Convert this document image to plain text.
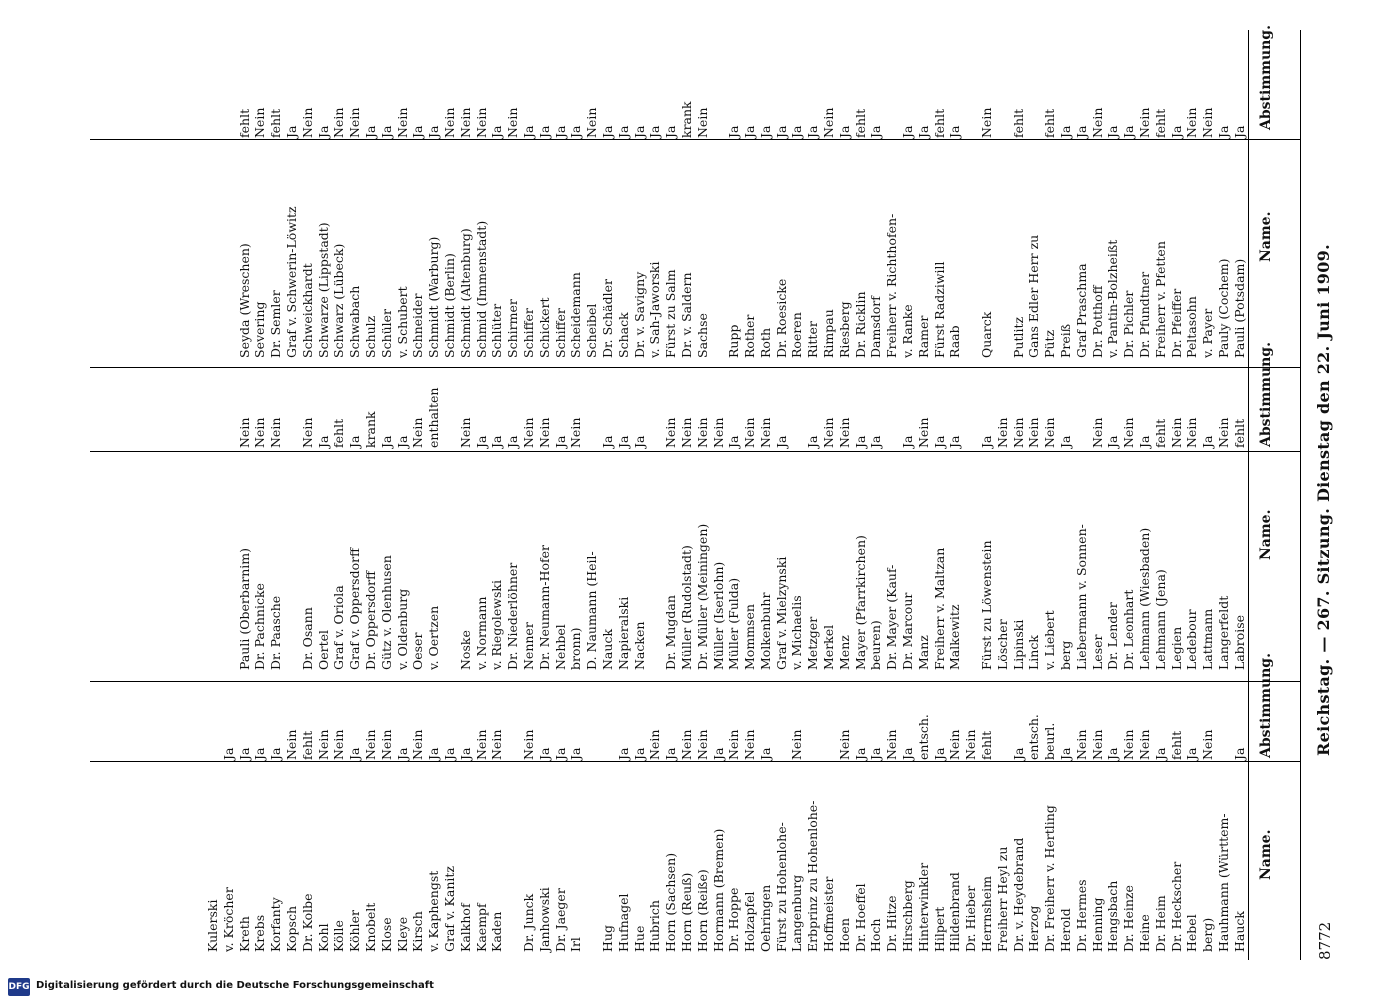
8772
Reichstag. — 267. Sitzung. Dienstag den 22. Juni 1909.
Name.
Abstimmung.
Name.
Abstimmung.
Name.
Abstimmung.
Hauck
Ja
Hauhmann (Württem-
berg)
Nein
Hebel
Ja
Dr. Heckscher
fehlt
Dr. Heim
Ja
Heine
Nein
Dr. Heinze
Nein
Hengsbach
Ja
Henning
Nein
Dr. Hermes
Nein
Herold
Ja
Dr. Freiherr v. Hertling
beurl.
Herzog
entsch.
Dr. v. Heydebrand
Ja
Freiherr Heyl zu
Herrnsheim
fehlt
Dr. Hieber
Nein
Hildenbrand
Nein
Hilpert
Ja
Hinterwinkler
entsch.
Hirschberg
Ja
Dr. Hitze
Nein
Hoch
Ja
Dr. Hoeffel
Ja
Hoen
Nein
Hoffmeister
Erbprinz zu Hohenlohe-
Langenburg
Nein
Fürst zu Hohenlohe-
Oehringen
Ja
Holzapfel
Nein
Dr. Hoppe
Nein
Hormann (Bremen)
Ja
Horn (Reiße)
Nein
Horn (Reuß)
Nein
Horn (Sachsen)
Ja
Hubrich
Nein
Hue
Ja
Hufnagel
Ja
Hug
Irl
Ja
Dr. Jaeger
Ja
Janhowski
Ja
Dr. Junck
Nein
Kaden
Nein
Kaempf
Nein
Kalkhof
Ja
Graf v. Kanitz
Ja
v. Kaphengst
Ja
Kirsch
Nein
Kleye
Ja
Klose
Nein
Knobelt
Nein
Köhler
Ja
Kölle
Nein
Kohl
Nein
Dr. Kolbe
fehlt
Kopsch
Nein
Korfanty
Ja
Krebs
Ja
Kreth
Ja
v. Kröcher
Ja
Kulerski
Labroise
fehlt
Langerfeldt
Nein
Lattmann
Ja
Ledebour
Nein
Legien
Nein
Lehmann (Jena)
fehlt
Lehmann (Wiesbaden)
Ja
Dr. Leonhart
Nein
Dr. Lender
Ja
Leser
Nein
Liebermann v. Sonnen-
berg
Ja
v. Liebert
Nein
Linck
Nein
Lipinski
Nein
Löscher
Nein
Fürst zu Löwenstein
Ja
Malkewitz
Ja
Freiherr v. Maltzan
Ja
Manz
Nein
Dr. Marcour
Ja
Dr. Mayer (Kauf-
beuren)
Ja
Mayer (Pfarrkirchen)
Ja
Menz
Nein
Merkel
Nein
Metzger
Ja
v. Michaelis
Graf v. Mielzynski
Ja
Molkenbuhr
Nein
Mommsen
Nein
Müller (Fulda)
Ja
Müller (Iserlohn)
Nein
Dr. Müller (Meiningen)
Nein
Müller (Rudolstadt)
Nein
Dr. Mugdan
Nein
Nacken
Ja
Napieralski
Ja
Nauck
Ja
D. Naumann (Heil-
bronn)
Nein
Nehbel
Ja
Dr. Neumann-Hofer
Nein
Nenner
Nein
Dr. Niederlöhner
Ja
v. Riegolewski
Ja
v. Normann
Ja
Noske
Nein
v. Oertzen
enthalten
Oeser
Nein
v. Oldenburg
Ja
Gütz v. Olenhusen
Ja
Dr. Oppersdorff
krank
Graf v. Oppersdorff
Ja
Graf v. Oriola
fehlt
Oertel
Ja
Dr. Osann
Nein
Dr. Paasche
Nein
Dr. Pachnicke
Nein
Pauli (Oberbarnim)
Nein
Pauli (Potsdam)
Ja
Pauly (Cochem)
Ja
v. Payer
Nein
Peltasohn
Nein
Dr. Pfeiffer
Ja
Freiherr v. Pfetten
fehlt
Dr. Pfundtner
Nein
Dr. Pichler
Ja
v. Pantin-Bolzheißt
Ja
Dr. Potthoff
Nein
Graf Praschma
Ja
Preiß
Ja
Pütz
fehlt
Gans Edler Herr zu
Putlitz
fehlt
Quarck
Nein
Raab
Ja
Fürst Radziwill
fehlt
Ramer
Ja
v. Ranke
Ja
Freiherr v. Richthofen-
Damsdorf
Ja
Dr. Ricklin
fehlt
Riesberg
Ja
Rimpau
Nein
Ritter
Ja
Roeren
Ja
Dr. Roesicke
Ja
Roth
Ja
Rother
Ja
Rupp
Ja
Sachse
Nein
Dr. v. Saldern
krank
Fürst zu Salm
Ja
v. Sah-Jaworski
Ja
Dr. v. Savigny
Ja
Schack
Ja
Dr. Schädler
Ja
Scheibel
Nein
Scheidemann
Ja
Schiffer
Ja
Schickert
Ja
Schiffer
Ja
Schirmer
Nein
Schlüter
Ja
Schmid (Immenstadt)
Nein
Schmidt (Altenburg)
Nein
Schmidt (Berlin)
Nein
Schmidt (Warburg)
Ja
Schneider
Ja
v. Schubert
Nein
Schüler
Ja
Schulz
Ja
Schwabach
Nein
Schwarz (Lübeck)
Nein
Schwarze (Lippstadt)
Ja
Schweickhardt
Nein
Graf v. Schwerin-Löwitz
Ja
Dr. Semler
fehlt
Severing
Nein
Seyda (Wreschen)
fehlt
DFG Digitalisierung gefördert durch die Deutsche Forschungsgemeinschaft
